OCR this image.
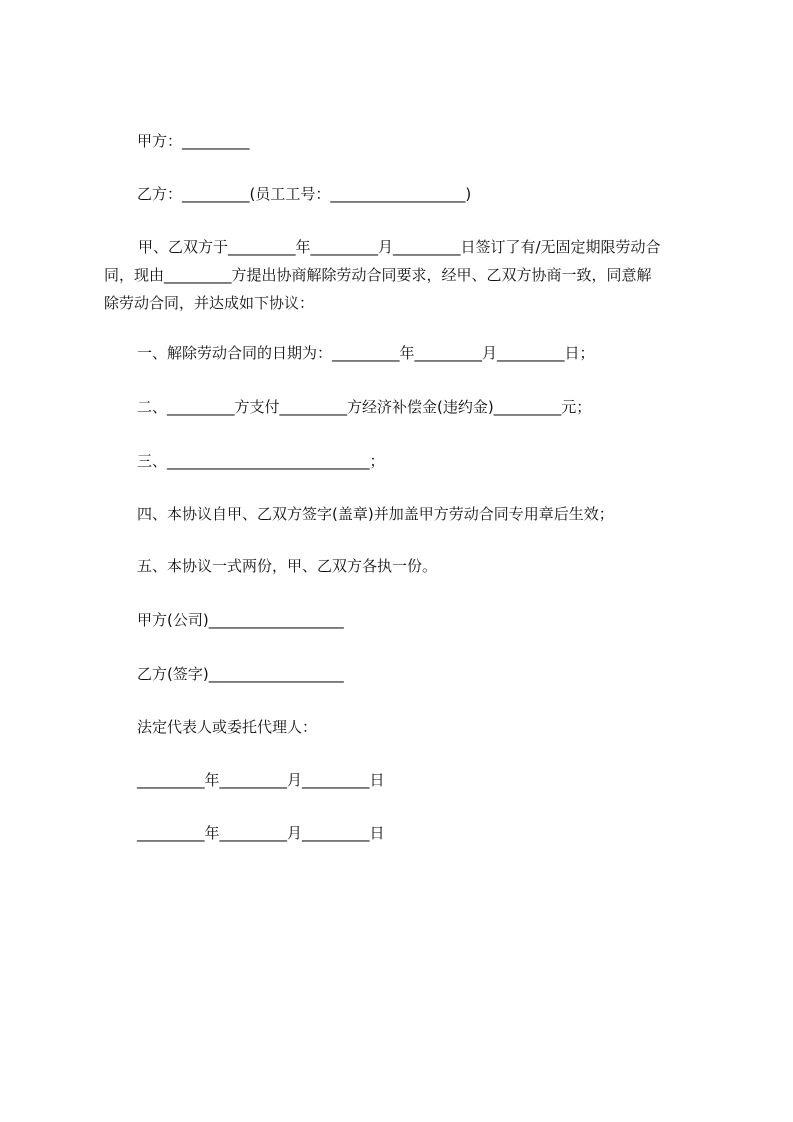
甲方：_________
乙方：_________(员工工号：__________________)
甲、乙双方于_________年_________月_________日签订了有/无固定期限劳动合
同，现由_________方提出协商解除劳动合同要求，经甲、乙双方协商一致，同意解
除劳动合同，并达成如下协议：
一、解除劳动合同的日期为：_________年_________月_________日；
二、_________方支付_________方经济补偿金(违约金)_________元；
三、___________________________；
四、本协议自甲、乙双方签字(盖章)并加盖甲方劳动合同专用章后生效；
五、本协议一式两份，甲、乙双方各执一份。
甲方(公司)__________________
乙方(签字)__________________
法定代表人或委托代理人：
_________年_________月_________日
_________年_________月_________日
